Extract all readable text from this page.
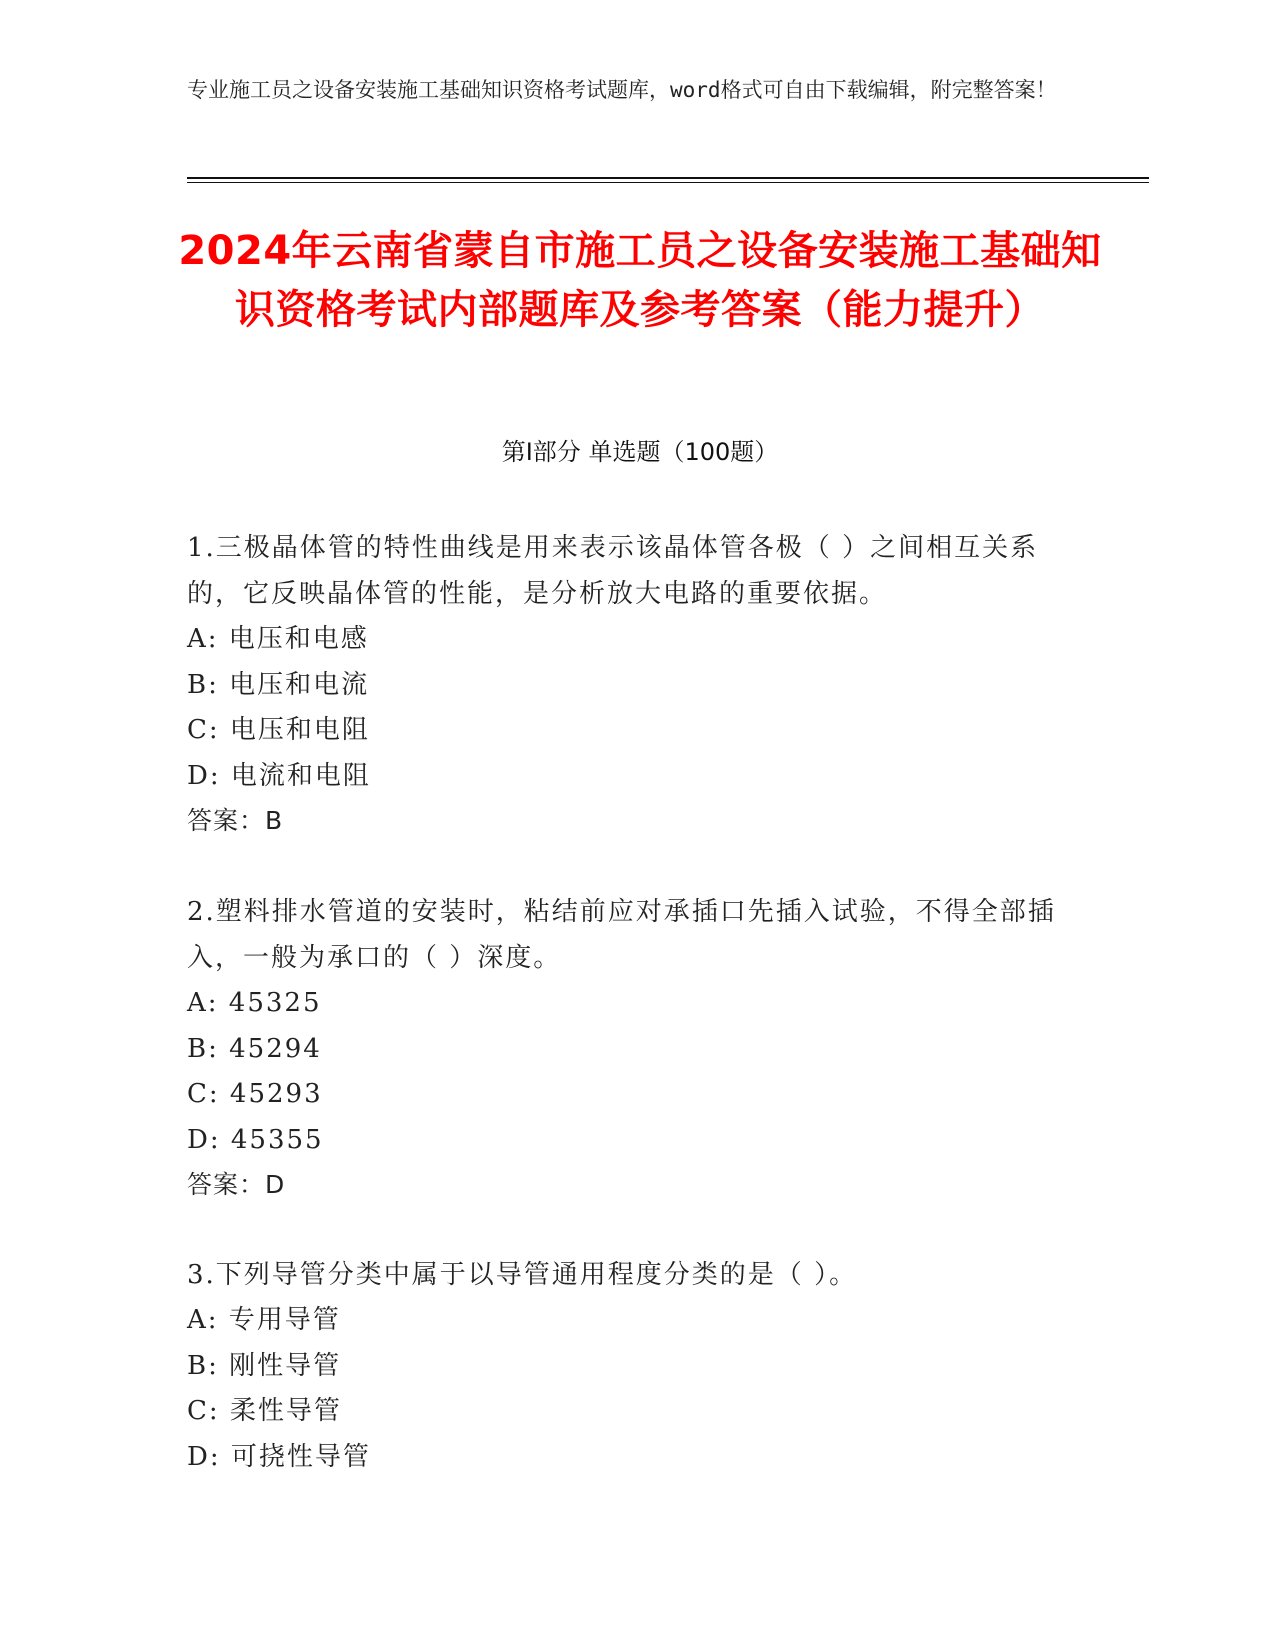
专业施工员之设备安装施工基础知识资格考试题库，word格式可自由下载编辑，附完整答案！
2024年云南省蒙自市施工员之设备安装施工基础知识资格考试内部题库及参考答案（能力提升）
第I部分 单选题（100题）
1.三极晶体管的特性曲线是用来表示该晶体管各极（ ）之间相互关系的，它反映晶体管的性能，是分析放大电路的重要依据。
A: 电压和电感
B: 电压和电流
C: 电压和电阻
D: 电流和电阻
答案：B
2.塑料排水管道的安装时，粘结前应对承插口先插入试验，不得全部插入，一般为承口的（ ）深度。
A: 45325
B: 45294
C: 45293
D: 45355
答案：D
3.下列导管分类中属于以导管通用程度分类的是（ ）。
A: 专用导管
B: 刚性导管
C: 柔性导管
D: 可挠性导管
